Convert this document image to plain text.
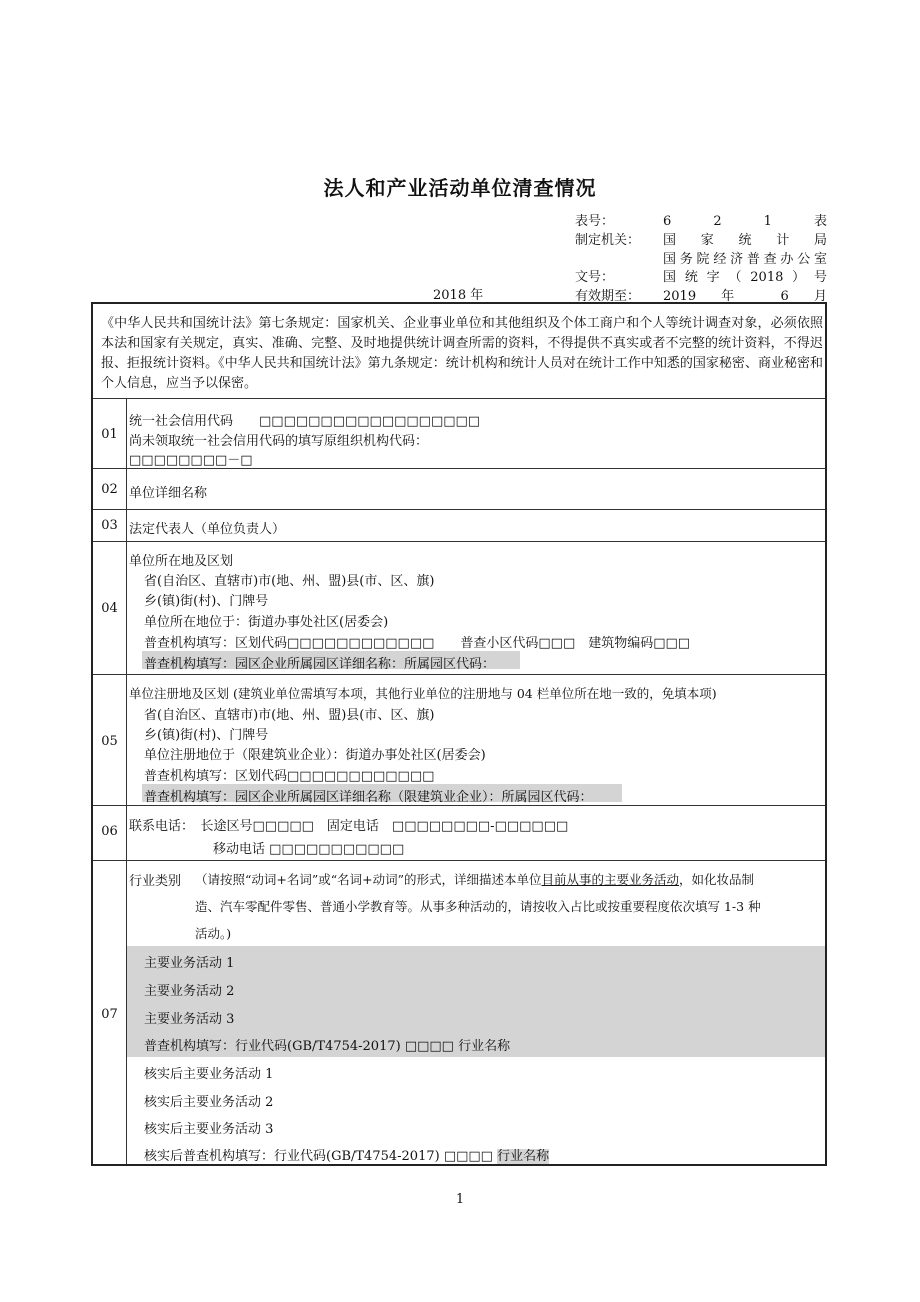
法人和产业活动单位清查情况
表号：	6 2 1 表
制定机关： 国 家 统 计 局
国务院经济普查办公室
文号：	国统字（2018）号
有效期至： 2019 年 6 月
2018 年
《中华人民共和国统计法》第七条规定：国家机关、企业事业单位和其他组织及个体工商户和个人等统计调查对象，必须依照本法和国家有关规定，真实、准确、完整、及时地提供统计调查所需的资料，不得提供不真实或者不完整的统计资料，不得迟报、拒报统计资料。《中华人民共和国统计法》第九条规定：统计机构和统计人员对在统计工作中知悉的国家秘密、商业秘密和个人信息，应当予以保密。
01
统一社会信用代码　　□□□□□□□□□□□□□□□□□□
尚未领取统一社会信用代码的填写原组织机构代码：
□□□□□□□□－□
02 单位详细名称
03 法定代表人（单位负责人）
04
单位所在地及区划
省(自治区、直辖市)市(地、州、盟)县(市、区、旗)
乡(镇)街(村)、门牌号
单位所在地位于：街道办事处社区(居委会)
普查机构填写：区划代码□□□□□□□□□□□□　　普查小区代码□□□　建筑物编码□□□
普查机构填写：园区企业所属园区详细名称：所属园区代码：
05
单位注册地及区划 (建筑业单位需填写本项，其他行业单位的注册地与 04 栏单位所在地一致的，免填本项)
省(自治区、直辖市)市(地、州、盟)县(市、区、旗)
乡(镇)街(村)、门牌号
单位注册地位于（限建筑业企业）：街道办事处社区(居委会)
普查机构填写：区划代码□□□□□□□□□□□□
普查机构填写：园区企业所属园区详细名称（限建筑业企业）：所属园区代码：
06 联系电话：　长途区号□□□□□　固定电话　□□□□□□□□-□□□□□□
移动电话 □□□□□□□□□□□
07
行业类别 （请按照“动词+名词”或“名词+动词”的形式，详细描述本单位目前从事的主要业务活动，如化妆品制
造、汽车零配件零售、普通小学教育等。从事多种活动的，请按收入占比或按重要程度依次填写 1-3 种
活动。)
主要业务活动 1
主要业务活动 2
主要业务活动 3
普查机构填写：行业代码(GB/T4754-2017) □□□□ 行业名称
核实后主要业务活动 1
核实后主要业务活动 2
核实后主要业务活动 3
核实后普查机构填写：行业代码(GB/T4754-2017) □□□□ 行业名称
1
